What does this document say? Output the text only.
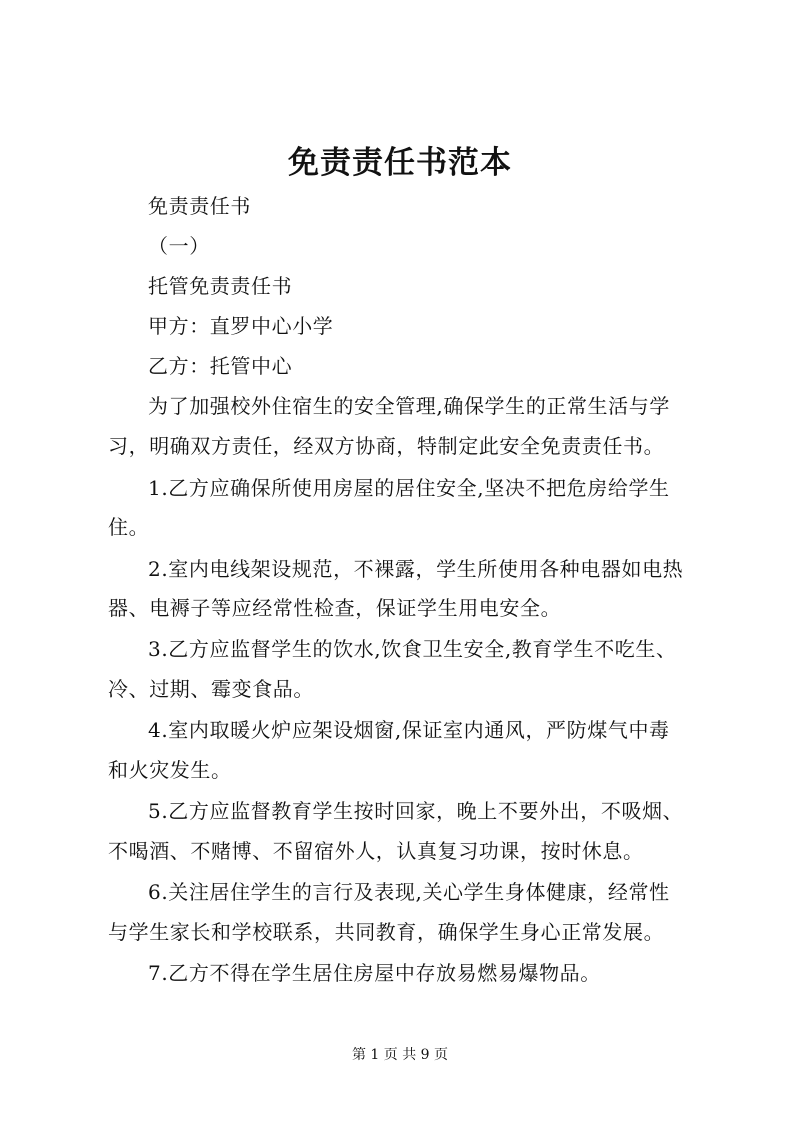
免责责任书范本
免责责任书
（一）
托管免责责任书
甲方：直罗中心小学
乙方：托管中心
为了加强校外住宿生的安全管理,确保学生的正常生活与学
习，明确双方责任，经双方协商，特制定此安全免责责任书。
1.乙方应确保所使用房屋的居住安全,坚决不把危房给学生
住。
2.室内电线架设规范，不裸露，学生所使用各种电器如电热
器、电褥子等应经常性检查，保证学生用电安全。
3.乙方应监督学生的饮水,饮食卫生安全,教育学生不吃生、
冷、过期、霉变食品。
4.室内取暖火炉应架设烟窗,保证室内通风，严防煤气中毒
和火灾发生。
5.乙方应监督教育学生按时回家，晚上不要外出，不吸烟、
不喝酒、不赌博、不留宿外人，认真复习功课，按时休息。
6.关注居住学生的言行及表现,关心学生身体健康，经常性
与学生家长和学校联系，共同教育，确保学生身心正常发展。
7.乙方不得在学生居住房屋中存放易燃易爆物品。
第 1 页 共 9 页
